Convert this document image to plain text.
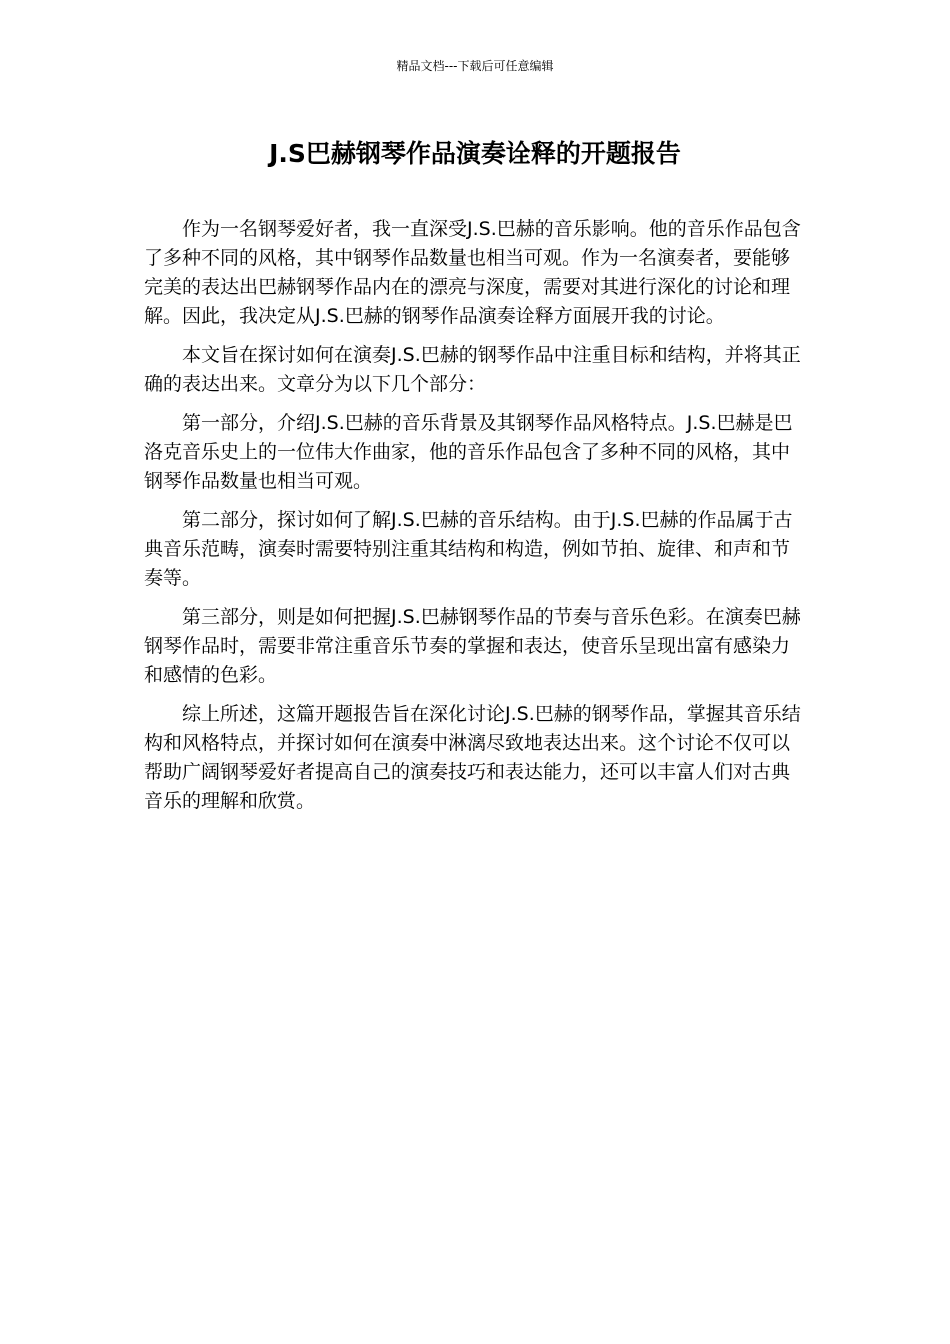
精品文档---下载后可任意编辑
J.S巴赫钢琴作品演奏诠释的开题报告

作为一名钢琴爱好者，我一直深受J.S.巴赫的音乐影响。他的音乐作品包含了多种不同的风格，其中钢琴作品数量也相当可观。作为一名演奏者，要能够完美的表达出巴赫钢琴作品内在的漂亮与深度，需要对其进行深化的讨论和理解。因此，我决定从J.S.巴赫的钢琴作品演奏诠释方面展开我的讨论。

本文旨在探讨如何在演奏J.S.巴赫的钢琴作品中注重目标和结构，并将其正确的表达出来。文章分为以下几个部分：

第一部分，介绍J.S.巴赫的音乐背景及其钢琴作品风格特点。J.S.巴赫是巴洛克音乐史上的一位伟大作曲家，他的音乐作品包含了多种不同的风格，其中钢琴作品数量也相当可观。

第二部分，探讨如何了解J.S.巴赫的音乐结构。由于J.S.巴赫的作品属于古典音乐范畴，演奏时需要特别注重其结构和构造，例如节拍、旋律、和声和节奏等。

第三部分，则是如何把握J.S.巴赫钢琴作品的节奏与音乐色彩。在演奏巴赫钢琴作品时，需要非常注重音乐节奏的掌握和表达，使音乐呈现出富有感染力和感情的色彩。

综上所述，这篇开题报告旨在深化讨论J.S.巴赫的钢琴作品，掌握其音乐结构和风格特点，并探讨如何在演奏中淋漓尽致地表达出来。这个讨论不仅可以帮助广阔钢琴爱好者提高自己的演奏技巧和表达能力，还可以丰富人们对古典音乐的理解和欣赏。
